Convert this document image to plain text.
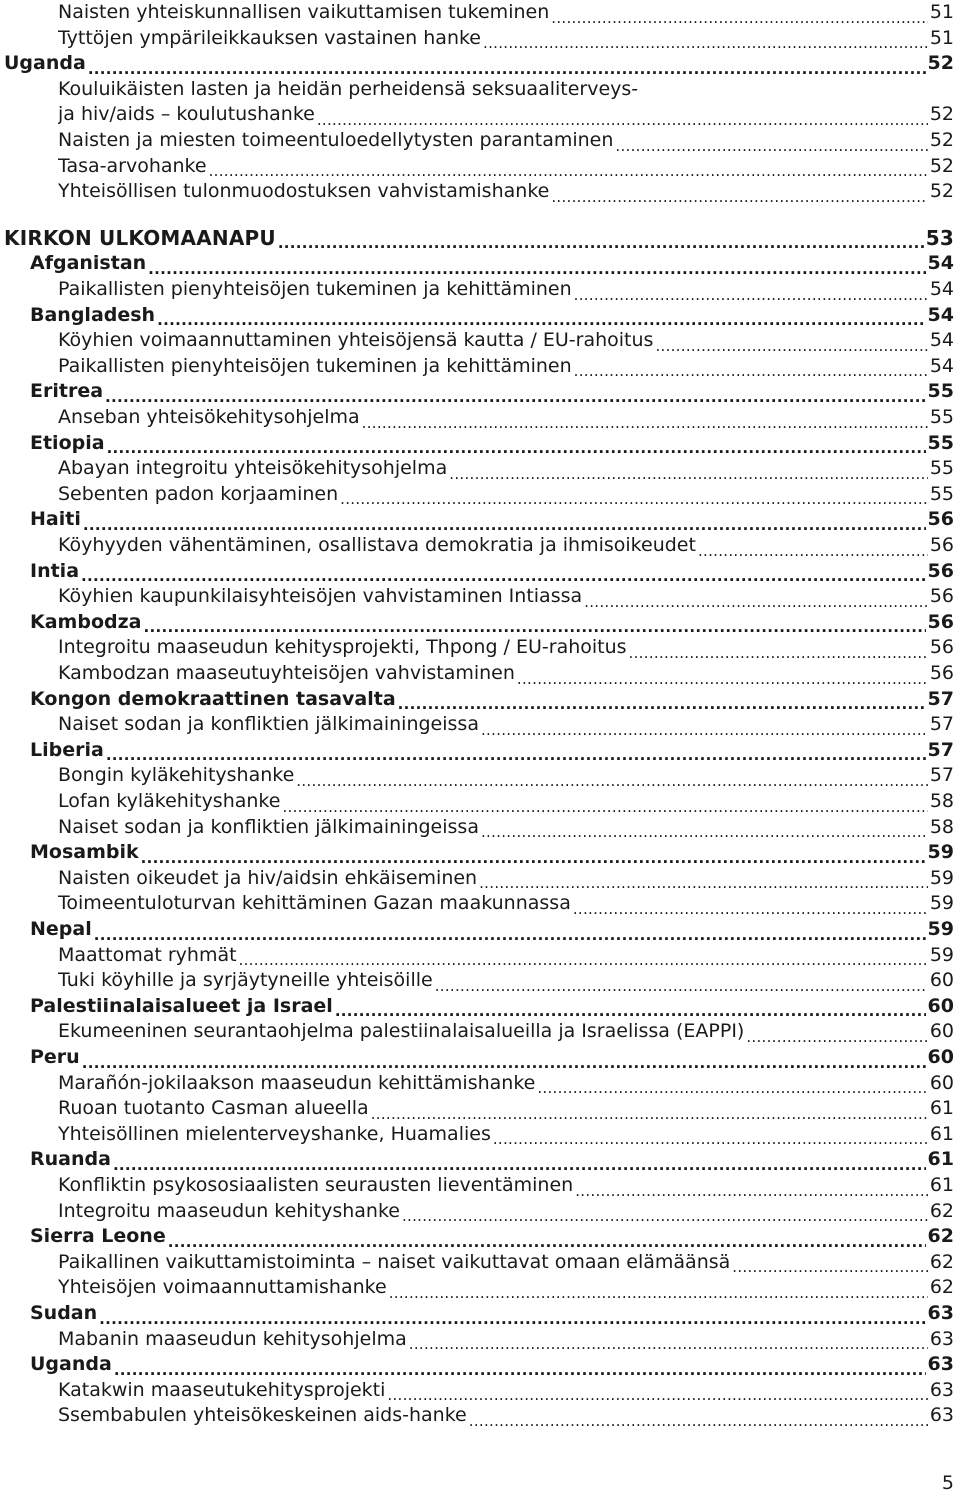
Naisten yhteiskunnallisen vaikuttamisen tukeminen .....	51
Tyttöjen ympärileikkauksen vastainen hanke .....	51
Uganda .....	52
Kouluikäisten lasten ja heidän perheidensä seksuaaliterveys-
ja hiv/aids – koulutushanke .....	52
Naisten ja miesten toimeentuloedellytysten parantaminen .....	52
Tasa-arvohanke .....	52
Yhteisöllisen tulonmuodostuksen vahvistamishanke .....	52
KIRKON ULKOMAANAPU .....	53
Afganistan .....	54
Paikallisten pienyhteisöjen tukeminen ja kehittäminen .....	54
Bangladesh .....	54
Köyhien voimaannuttaminen yhteisöjensä kautta / EU-rahoitus .....	54
Paikallisten pienyhteisöjen tukeminen ja kehittäminen .....	54
Eritrea .....	55
Anseban yhteisökehitysohjelma .....	55
Etiopia .....	55
Abayan integroitu yhteisökehitysohjelma .....	55
Sebenten padon korjaaminen .....	55
Haiti .....	56
Köyhyyden vähentäminen, osallistava demokratia ja ihmisoikeudet .....	56
Intia .....	56
Köyhien kaupunkilaisyhteisöjen vahvistaminen Intiassa .....	56
Kambodza .....	56
Integroitu maaseudun kehitysprojekti, Thpong / EU-rahoitus .....	56
Kambodzan maaseutuyhteisöjen vahvistaminen .....	56
Kongon demokraattinen tasavalta .....	57
Naiset sodan ja konfliktien jälkimainingeissa .....	57
Liberia .....	57
Bongin kyläkehityshanke .....	57
Lofan kyläkehityshanke .....	58
Naiset sodan ja konfliktien jälkimainingeissa .....	58
Mosambik .....	59
Naisten oikeudet ja hiv/aidsin ehkäiseminen .....	59
Toimeentuloturvan kehittäminen Gazan maakunnassa .....	59
Nepal .....	59
Maattomat ryhmät .....	59
Tuki köyhille ja syrjäytyneille yhteisöille .....	60
Palestiinalaisalueet ja Israel .....	60
Ekumeeninen seurantaohjelma palestiinalaisalueilla ja Israelissa (EAPPI) .....	60
Peru .....	60
Marañón-jokilaakson maaseudun kehittämishanke .....	60
Ruoan tuotanto Casman alueella .....	61
Yhteisöllinen mielenterveyshanke, Huamalies .....	61
Ruanda .....	61
Konfliktin psykososiaalisten seurausten lieventäminen .....	61
Integroitu maaseudun kehityshanke .....	62
Sierra Leone .....	62
Paikallinen vaikuttamistoiminta – naiset vaikuttavat omaan elämäänsä .....	62
Yhteisöjen voimaannuttamishanke .....	62
Sudan .....	63
Mabanin maaseudun kehitysohjelma .....	63
Uganda .....	63
Katakwin maaseutukehitysprojekti .....	63
Ssembabulen yhteisökeskeinen aids-hanke .....	63
5
